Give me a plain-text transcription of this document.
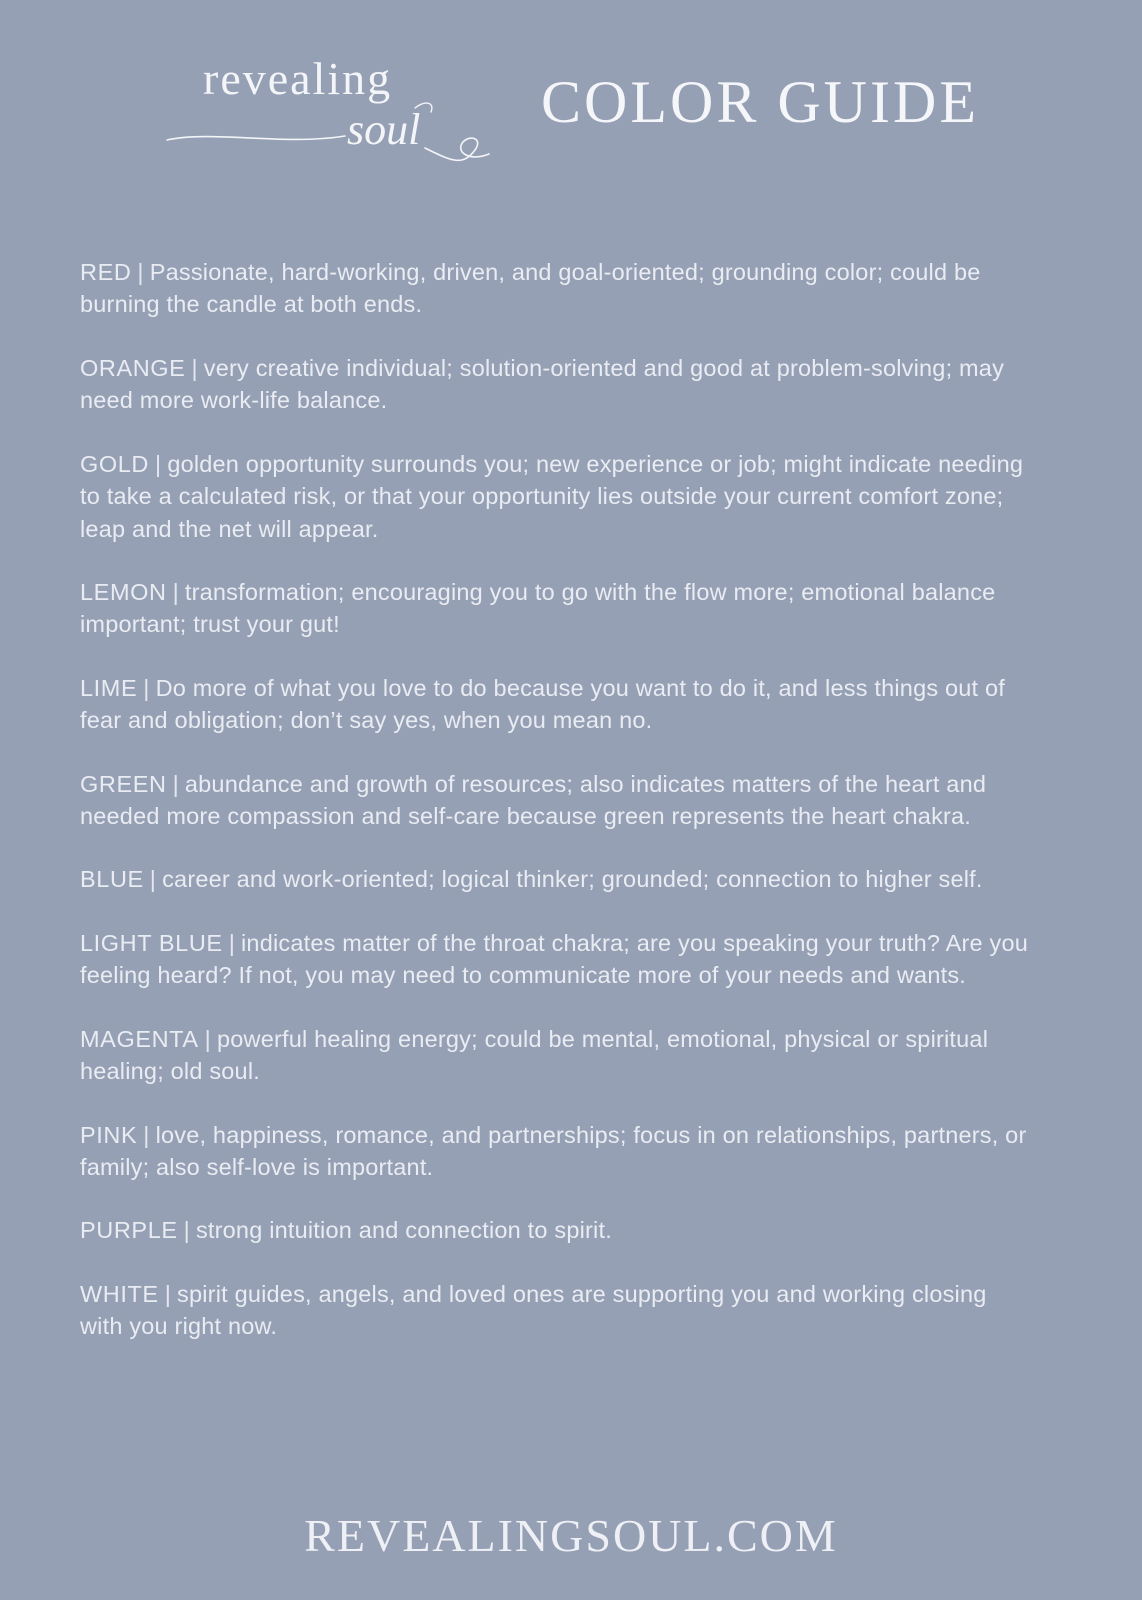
revealing
soul COLOR GUIDE

RED | Passionate, hard-working, driven, and goal-oriented; grounding color; could be burning the candle at both ends.

ORANGE | very creative individual; solution-oriented and good at problem-solving; may need more work-life balance.

GOLD | golden opportunity surrounds you; new experience or job; might indicate needing to take a calculated risk, or that your opportunity lies outside your current comfort zone; leap and the net will appear.

LEMON | transformation; encouraging you to go with the flow more; emotional balance important; trust your gut!

LIME | Do more of what you love to do because you want to do it, and less things out of fear and obligation; don’t say yes, when you mean no.

GREEN | abundance and growth of resources; also indicates matters of the heart and needed more compassion and self-care because green represents the heart chakra.

BLUE | career and work-oriented; logical thinker; grounded; connection to higher self.

LIGHT BLUE | indicates matter of the throat chakra; are you speaking your truth? Are you feeling heard? If not, you may need to communicate more of your needs and wants.

MAGENTA | powerful healing energy; could be mental, emotional, physical or spiritual healing; old soul.

PINK | love, happiness, romance, and partnerships; focus in on relationships, partners, or family; also self-love is important.

PURPLE | strong intuition and connection to spirit.

WHITE | spirit guides, angels, and loved ones are supporting you and working closing with you right now.

REVEALINGSOUL.COM
